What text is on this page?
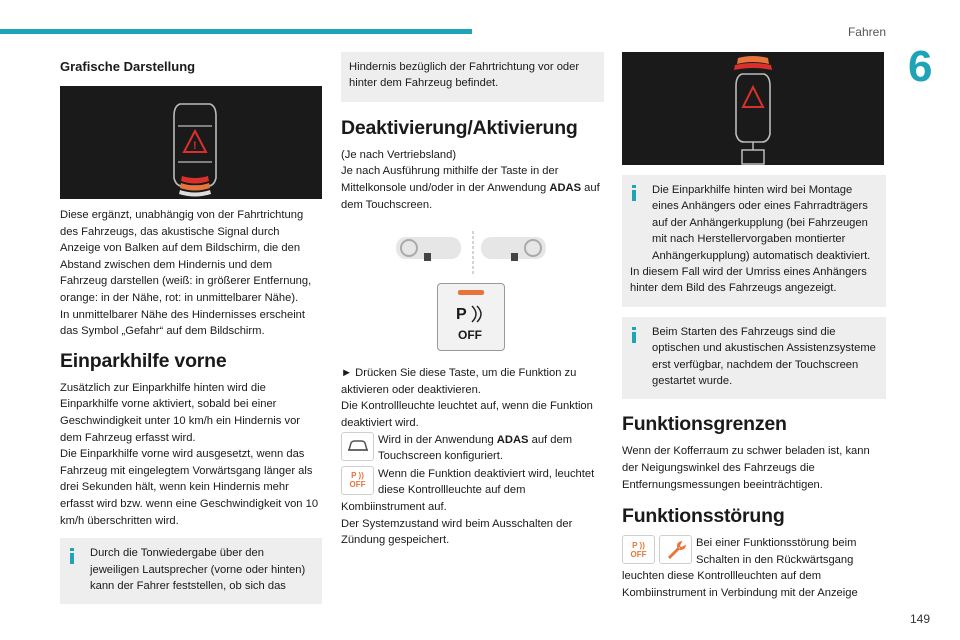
Fahren
6
Grafische Darstellung
!

Diese ergänzt, unabhängig von der Fahrtrichtung des Fahrzeugs, das akustische Signal durch Anzeige von Balken auf dem Bildschirm, die den Abstand zwischen dem Hindernis und dem Fahrzeug darstellen (weiß: in größerer Entfernung, orange: in der Nähe, rot: in unmittelbarer Nähe).

In unmittelbarer Nähe des Hindernisses erscheint das Symbol „Gefahr“ auf dem Bildschirm.

Einparkhilfe vorne

Zusätzlich zur Einparkhilfe hinten wird die Einparkhilfe vorne aktiviert, sobald bei einer Geschwindigkeit unter 10 km/h ein Hindernis vor dem Fahrzeug erfasst wird.

Die Einparkhilfe vorne wird ausgesetzt, wenn das Fahrzeug mit eingelegtem Vorwärtsgang länger als drei Sekunden hält, wenn kein Hindernis mehr erfasst wird bzw. wenn eine Geschwindigkeit von 10 km/h überschritten wird.

Durch die Tonwiedergabe über den jeweiligen Lautsprecher (vorne oder hinten) kann der Fahrer feststellen, ob sich das

Hindernis bezüglich der Fahrtrichtung vor oder hinter dem Fahrzeug befindet.

Deaktivierung/Aktivierung

(Je nach Vertriebsland)

Je nach Ausführung mithilfe der Taste in der Mittelkonsole und/oder in der Anwendung ADAS auf dem Touchscreen.

P
OFF

► Drücken Sie diese Taste, um die Funktion zu aktivieren oder deaktivieren.

Die Kontrollleuchte leuchtet auf, wenn die Funktion deaktiviert wird.

Wird in der Anwendung ADAS auf dem Touchscreen konfiguriert.

P ))
OFF

Wenn die Funktion deaktiviert wird, leuchtet diese Kontrollleuchte auf dem

Kombiinstrument auf.

Der Systemzustand wird beim Ausschalten der Zündung gespeichert.

Die Einparkhilfe hinten wird bei Montage eines Anhängers oder eines Fahrradträgers auf der Anhängerkupplung (bei Fahrzeugen mit nach Herstellervorgaben montierter Anhängerkupplung) automatisch deaktiviert.

In diesem Fall wird der Umriss eines Anhängers hinter dem Bild des Fahrzeugs angezeigt.

Beim Starten des Fahrzeugs sind die optischen und akustischen Assistenzsysteme erst verfügbar, nachdem der Touchscreen gestartet wurde.

Funktionsgrenzen

Wenn der Kofferraum zu schwer beladen ist, kann der Neigungswinkel des Fahrzeugs die Entfernungsmessungen beeinträchtigen.

Funktionsstörung
P ))
OFF

Bei einer Funktionsstörung beim Schalten in den Rückwärtsgang

leuchten diese Kontrollleuchten auf dem Kombiinstrument in Verbindung mit der Anzeige

149
